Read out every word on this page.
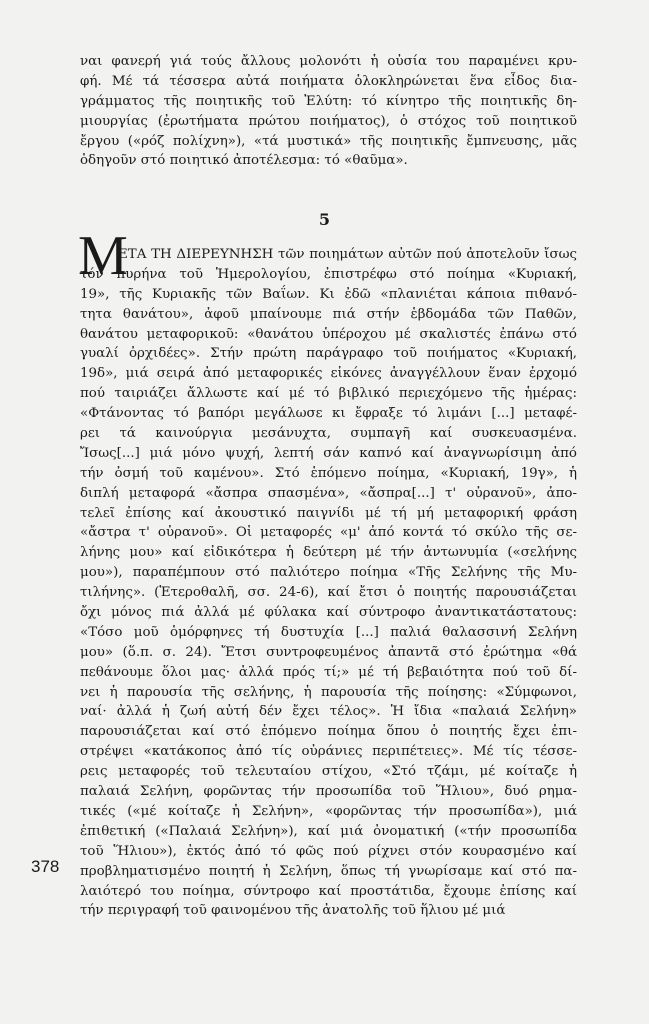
ναι φανερή γιά τούς ἄλλους μολονότι ἡ οὐσία του παραμένει κρυ-
φή. Μέ τά τέσσερα αὐτά ποιήματα ὁλοκληρώνεται ἕνα εἶδος δια-
γράμματος τῆς ποιητικῆς τοῦ Ἐλύτη: τό κίνητρο τῆς ποιητικῆς δη-
μιουργίας (ἐρωτήματα πρώτου ποιήματος), ὁ στόχος τοῦ ποιητικοῦ
ἔργου («ρόζ πολίχνη»), «τά μυστικά» τῆς ποιητικῆς ἔμπνευσης, μᾶς
ὁδηγοῦν στό ποιητικό ἀποτέλεσμα: τό «θαῦμα».

5

M
ΕΤΑ ΤΗ ΔΙΕΡΕΥΝΗΣΗ τῶν ποιημάτων αὐτῶν πού ἀποτελοῦν ἴσως
τόν πυρήνα τοῦ Ἡμερολογίου, ἐπιστρέφω στό ποίημα «Κυριακή,
19», τῆς Κυριακῆς τῶν Βαΐων. Κι ἐδῶ «πλανιέται κάποια πιθανό-
τητα θανάτου», ἀφοῦ μπαίνουμε πιά στήν ἑβδομάδα τῶν Παθῶν,
θανάτου μεταφορικοῦ: «θανάτου ὑπέροχου μέ σκαλιστές ἐπάνω στό
γυαλί ὀρχιδέες». Στήν πρώτη παράγραφο τοῦ ποιήματος «Κυριακή,
19δ», μιά σειρά ἀπό μεταφορικές εἰκόνες ἀναγγέλλουν ἕναν ἐρχομό
πού ταιριάζει ἄλλωστε καί μέ τό βιβλικό περιεχόμενο τῆς ἡμέρας:
«Φτάνοντας τό βαπόρι μεγάλωσε κι ἔφραξε τό λιμάνι [...] μεταφέ-
ρει τά καινούργια μεσάνυχτα, συμπαγῆ καί συσκευασμένα.
Ἴσως[...] μιά μόνο ψυχή, λεπτή σάν καπνό καί ἀναγνωρίσιμη ἀπό
τήν ὀσμή τοῦ καμένου». Στό ἑπόμενο ποίημα, «Κυριακή, 19γ», ἡ
διπλή μεταφορά «ἄσπρα σπασμένα», «ἄσπρα[...] τ' οὐρανοῦ», ἀπο-
τελεῖ ἐπίσης καί ἀκουστικό παιγνίδι μέ τή μή μεταφορική φράση
«ἄστρα τ' οὐρανοῦ». Οἱ μεταφορές «μ' ἀπό κοντά τό σκύλο τῆς σε-
λήνης μου» καί εἰδικότερα ἡ δεύτερη μέ τήν ἀντωνυμία («σελήνης
μου»), παραπέμπουν στό παλιότερο ποίημα «Τῆς Σελήνης τῆς Μυ-
τιλήνης». (Ἑτεροθαλῆ, σσ. 24-6), καί ἔτσι ὁ ποιητής παρουσιάζεται
ὄχι μόνος πιά ἀλλά μέ φύλακα καί σύντροφο ἀναντικατάστατους:
«Τόσο μοῦ ὁμόρφηνες τή δυστυχία [...] παλιά θαλασσινή Σελήνη
μου» (ὅ.π. σ. 24). Ἔτσι συντροφευμένος ἀπαντᾶ στό ἐρώτημα «θά
πεθάνουμε ὅλοι μας· ἀλλά πρός τί;» μέ τή βεβαιότητα πού τοῦ δί-
νει ἡ παρουσία τῆς σελήνης, ἡ παρουσία τῆς ποίησης: «Σύμφωνοι,
ναί· ἀλλά ἡ ζωή αὐτή δέν ἔχει τέλος». Ἡ ἴδια «παλαιά Σελήνη»
παρουσιάζεται καί στό ἑπόμενο ποίημα ὅπου ὁ ποιητής ἔχει ἐπι-
στρέψει «κατάκοπος ἀπό τίς οὐράνιες περιπέτειες». Μέ τίς τέσσε-
ρεις μεταφορές τοῦ τελευταίου στίχου, «Στό τζάμι, μέ κοίταζε ἡ
παλαιά Σελήνη, φορῶντας τήν προσωπίδα τοῦ Ἥλιου», δυό ρημα-
τικές («μέ κοίταζε ἡ Σελήνη», «φορῶντας τήν προσωπίδα»), μιά
ἐπιθετική («Παλαιά Σελήνη»), καί μιά ὀνοματική («τήν προσωπίδα
τοῦ Ἥλιου»), ἐκτός ἀπό τό φῶς πού ρίχνει στόν κουρασμένο καί
προβληματισμένο ποιητή ἡ Σελήνη, ὅπως τή γνωρίσαμε καί στό πα-
λαιότερό του ποίημα, σύντροφο καί προστάτιδα, ἔχουμε ἐπίσης καί
τήν περιγραφή τοῦ φαινομένου τῆς ἀνατολῆς τοῦ ἥλιου μέ μιά

378
